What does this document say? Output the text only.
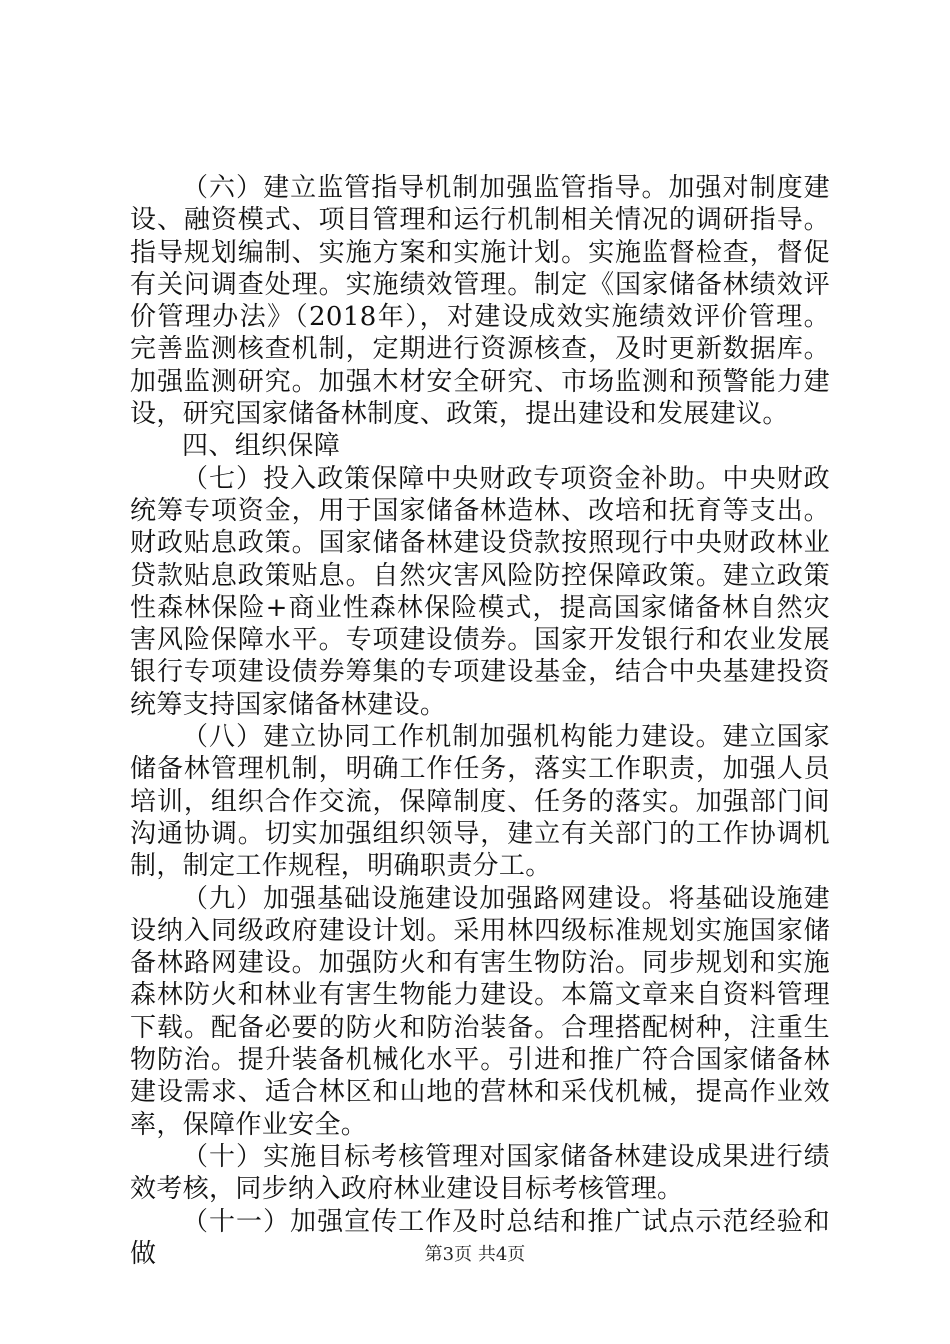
（六）建立监管指导机制加强监管指导。加强对制度建设、融资模式、项目管理和运行机制相关情况的调研指导。指导规划编制、实施方案和实施计划。实施监督检查，督促有关问调查处理。实施绩效管理。制定《国家储备林绩效评价管理办法》（2018年），对建设成效实施绩效评价管理。完善监测核查机制，定期进行资源核查，及时更新数据库。加强监测研究。加强木材安全研究、市场监测和预警能力建设，研究国家储备林制度、政策，提出建设和发展建议。

四、组织保障

（七）投入政策保障中央财政专项资金补助。中央财政统筹专项资金，用于国家储备林造林、改培和抚育等支出。财政贴息政策。国家储备林建设贷款按照现行中央财政林业贷款贴息政策贴息。自然灾害风险防控保障政策。建立政策性森林保险+商业性森林保险模式，提高国家储备林自然灾害风险保障水平。专项建设债券。国家开发银行和农业发展银行专项建设债券筹集的专项建设基金，结合中央基建投资统筹支持国家储备林建设。

（八）建立协同工作机制加强机构能力建设。建立国家储备林管理机制，明确工作任务，落实工作职责，加强人员培训，组织合作交流，保障制度、任务的落实。加强部门间沟通协调。切实加强组织领导，建立有关部门的工作协调机制，制定工作规程，明确职责分工。

（九）加强基础设施建设加强路网建设。将基础设施建设纳入同级政府建设计划。采用林四级标准规划实施国家储备林路网建设。加强防火和有害生物防治。同步规划和实施森林防火和林业有害生物能力建设。本篇文章来自资料管理下载。配备必要的防火和防治装备。合理搭配树种，注重生物防治。提升装备机械化水平。引进和推广符合国家储备林建设需求、适合林区和山地的营林和采伐机械，提高作业效率，保障作业安全。

（十）实施目标考核管理对国家储备林建设成果进行绩效考核，同步纳入政府林业建设目标考核管理。

（十一）加强宣传工作及时总结和推广试点示范经验和做	第3页 共4页
